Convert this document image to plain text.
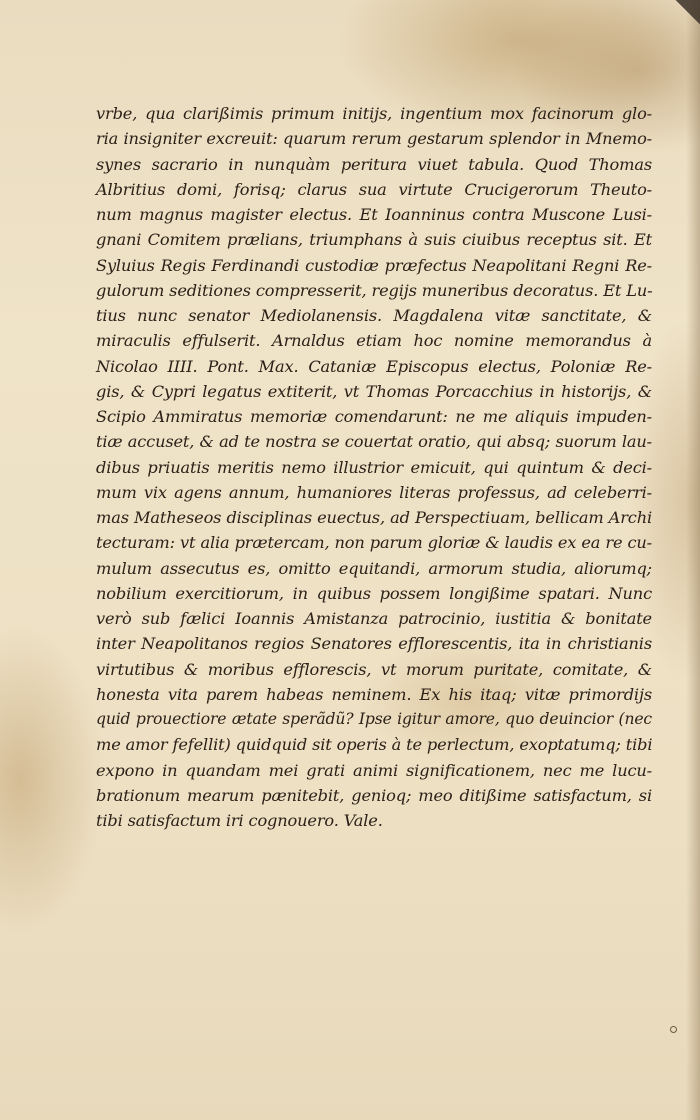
vrbe, qua clarißimis primum initijs, ingentium mox facinorum glo-
ria insigniter excreuit: quarum rerum gestarum splendor in Mnemo-
synes sacrario in nunquàm peritura viuet tabula. Quod Thomas
Albritius domi, forisq; clarus sua virtute Crucigerorum Theuto-
num magnus magister electus. Et Ioanninus contra Muscone Lusi-
gnani Comitem prælians, triumphans à suis ciuibus receptus sit. Et
Syluius Regis Ferdinandi custodiæ præfectus Neapolitani Regni Re-
gulorum seditiones compresserit, regijs muneribus decoratus. Et Lu-
tius nunc senator Mediolanensis. Magdalena vitæ sanctitate, &
miraculis effulserit. Arnaldus etiam hoc nomine memorandus à
Nicolao IIII. Pont. Max. Cataniæ Episcopus electus, Poloniæ Re-
gis, & Cypri legatus extiterit, vt Thomas Porcacchius in historijs, &
Scipio Ammiratus memoriæ comendarunt: ne me aliquis impuden-
tiæ accuset, & ad te nostra se couertat oratio, qui absq; suorum lau-
dibus priuatis meritis nemo illustrior emicuit, qui quintum & deci-
mum vix agens annum, humaniores literas professus, ad celeberri-
mas Matheseos disciplinas euectus, ad Perspectiuam, bellicam Archi
tecturam: vt alia prætercam, non parum gloriæ & laudis ex ea re cu-
mulum assecutus es, omitto equitandi, armorum studia, aliorumq;
nobilium exercitiorum, in quibus possem longißime spatari. Nunc
verò sub fælici Ioannis Amistanza patrocinio, iustitia & bonitate
inter Neapolitanos regios Senatores efflorescentis, ita in christianis
virtutibus & moribus efflorescis, vt morum puritate, comitate, &
honesta vita parem habeas neminem. Ex his itaq; vitæ primordijs
quid prouectiore ætate sperãdũ? Ipse igitur amore, quo deuincior (nec
me amor fefellit) quidquid sit operis à te perlectum, exoptatumq; tibi
expono in quandam mei grati animi significationem, nec me lucu-
brationum mearum pænitebit, genioq; meo ditißime satisfactum, si
tibi satisfactum iri cognouero. Vale.
